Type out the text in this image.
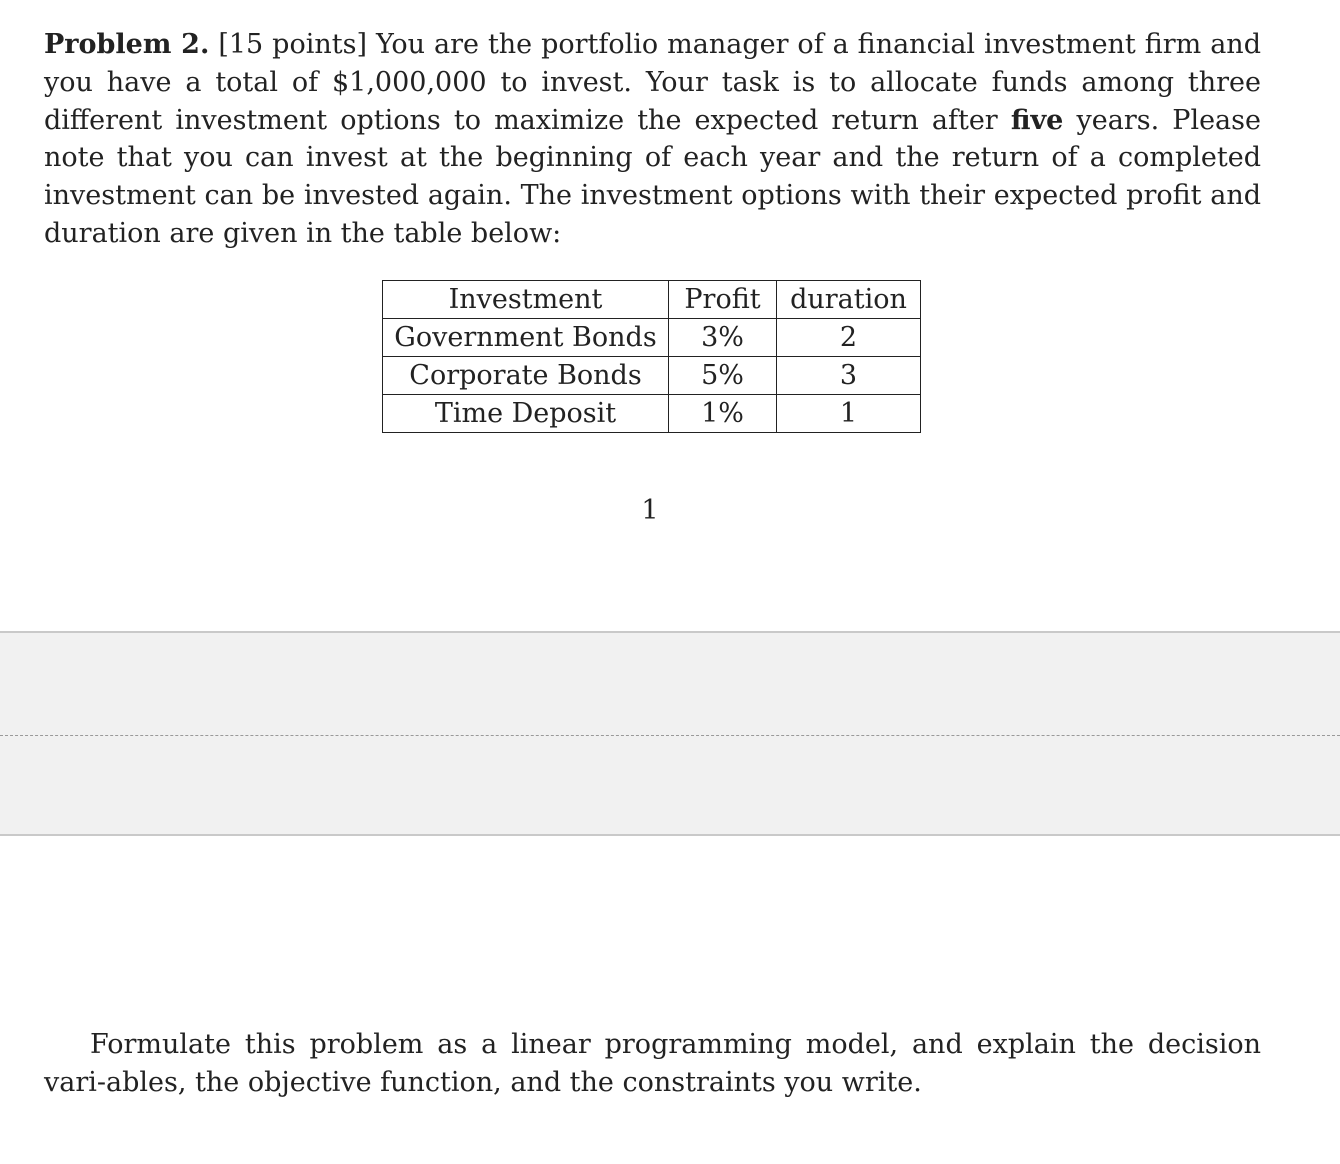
Problem 2. [15 points] You are the portfolio manager of a financial investment firm and you have a total of $1,000,000 to invest. Your task is to allocate funds among three different investment options to maximize the expected return after five years. Please note that you can invest at the beginning of each year and the return of a completed investment can be invested again. The investment options with their expected profit and duration are given in the table below:

Investment	Profit	duration
Government Bonds	3%	2
Corporate Bonds	5%	3
Time Deposit	1%	1
1

Formulate this problem as a linear programming model, and explain the decision vari-ables, the objective function, and the constraints you write.
